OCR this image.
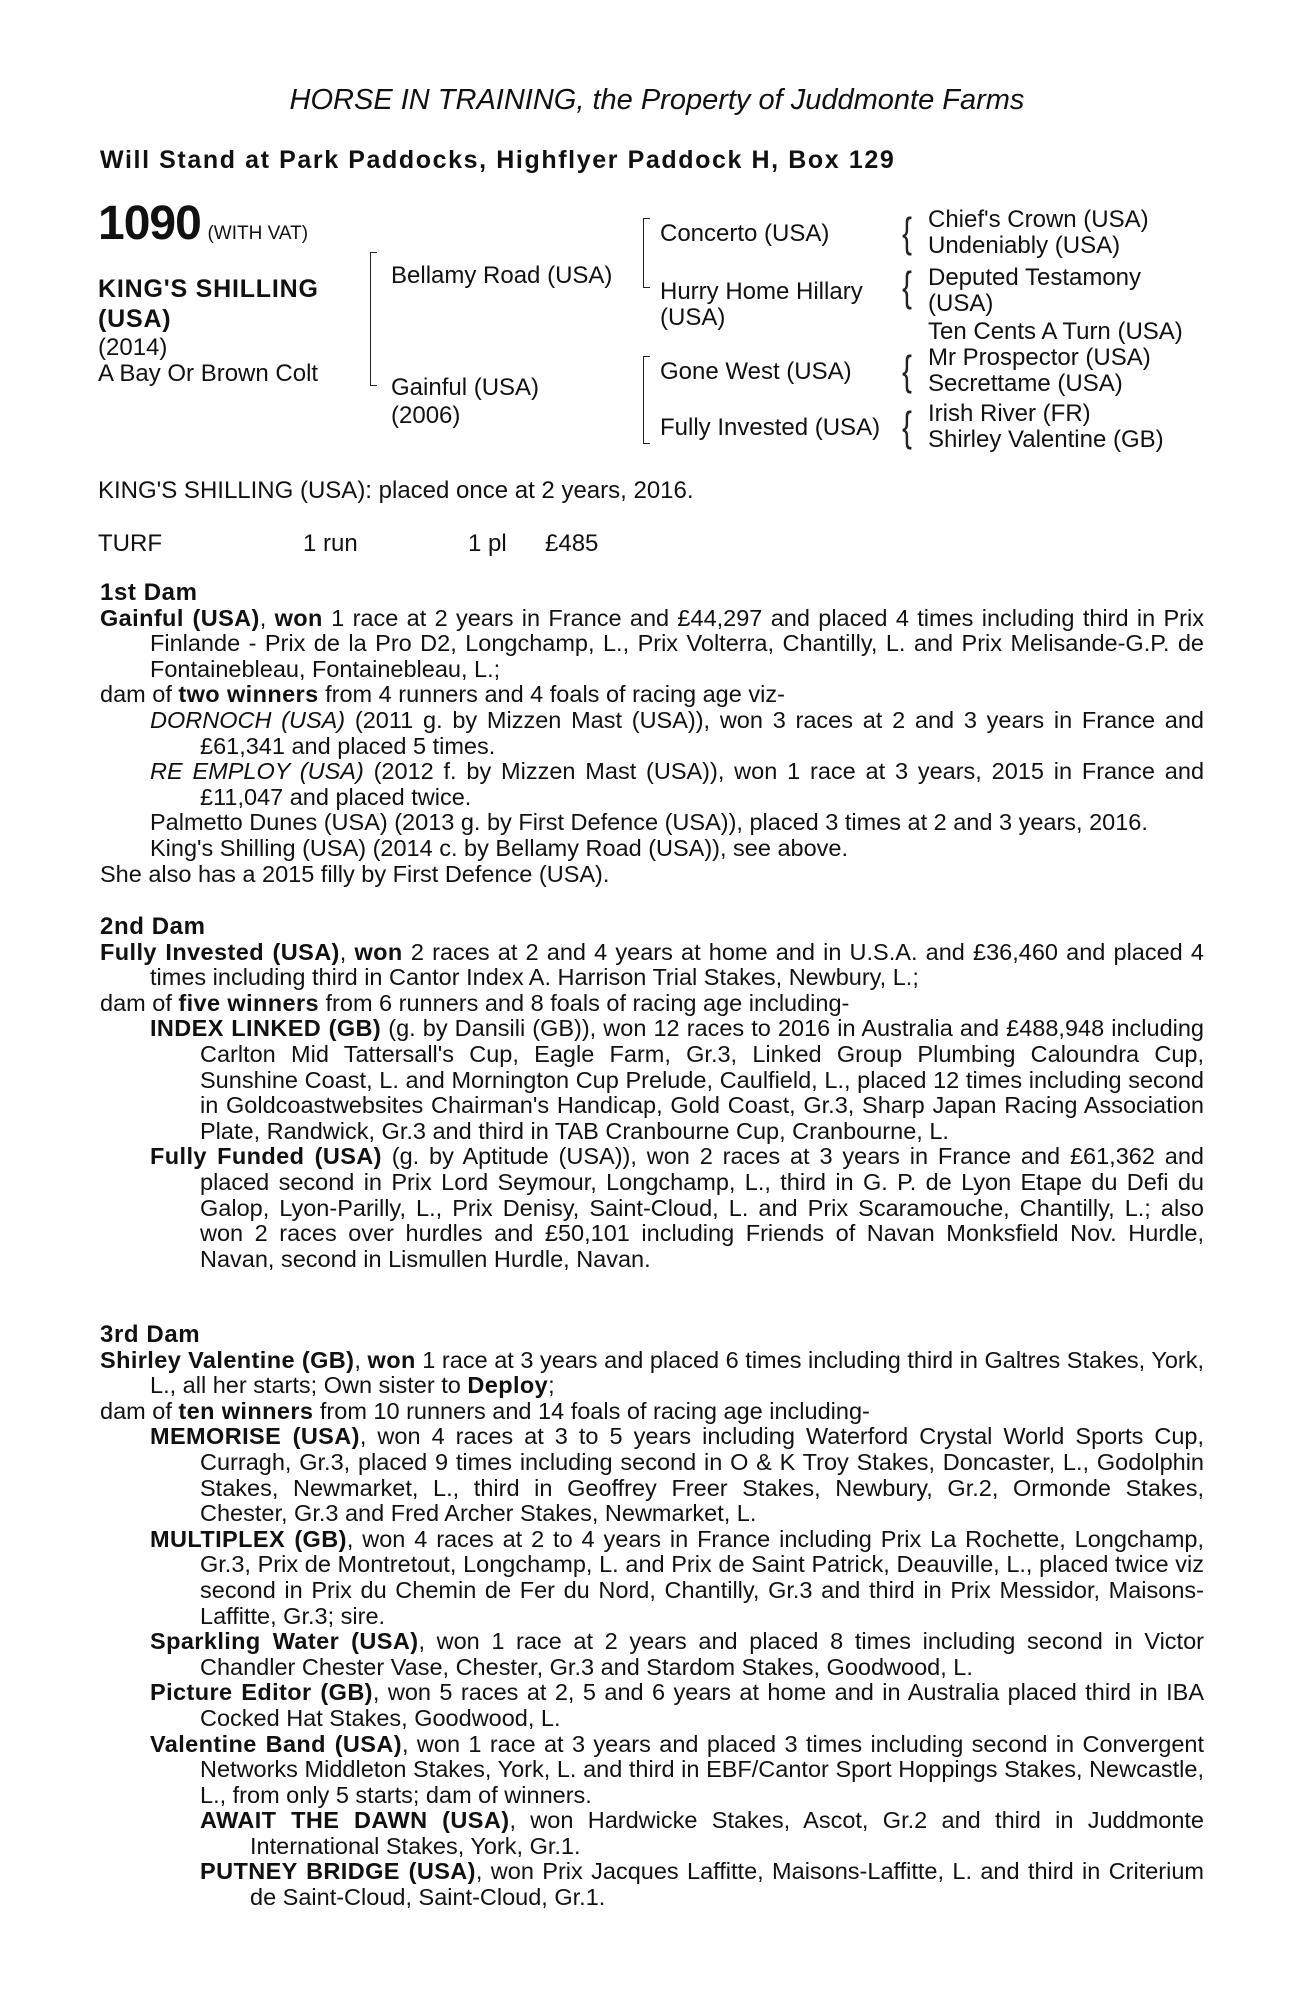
HORSE IN TRAINING, the Property of Juddmonte Farms
Will Stand at Park Paddocks, Highflyer Paddock H, Box 129
1090 (WITH VAT)
KING'S SHILLING
(USA)
(2014)
A Bay Or Brown Colt
Bellamy Road (USA)
Gainful (USA)
(2006)
Concerto (USA)
Hurry Home Hillary
(USA)
Gone West (USA)
Fully Invested (USA)
{ Chief's Crown (USA)
Undeniably (USA)
{ Deputed Testamony
(USA)
Ten Cents A Turn (USA)
{ Mr Prospector (USA)
Secrettame (USA)
{ Irish River (FR)
Shirley Valentine (GB)
KING'S SHILLING (USA): placed once at 2 years, 2016.
TURF	1 run	1 pl £485
1st Dam

Gainful (USA), won 1 race at 2 years in France and £44,297 and placed 4 times including third in Prix Finlande - Prix de la Pro D2, Longchamp, L., Prix Volterra, Chantilly, L. and Prix Melisande-G.P. de Fontainebleau, Fontainebleau, L.;

dam of two winners from 4 runners and 4 foals of racing age viz-

DORNOCH (USA) (2011 g. by Mizzen Mast (USA)), won 3 races at 2 and 3 years in France and £61,341 and placed 5 times.

RE EMPLOY (USA) (2012 f. by Mizzen Mast (USA)), won 1 race at 3 years, 2015 in France and £11,047 and placed twice.

Palmetto Dunes (USA) (2013 g. by First Defence (USA)), placed 3 times at 2 and 3 years, 2016.

King's Shilling (USA) (2014 c. by Bellamy Road (USA)), see above.

She also has a 2015 filly by First Defence (USA).

2nd Dam

Fully Invested (USA), won 2 races at 2 and 4 years at home and in U.S.A. and £36,460 and placed 4 times including third in Cantor Index A. Harrison Trial Stakes, Newbury, L.;

dam of five winners from 6 runners and 8 foals of racing age including-

INDEX LINKED (GB) (g. by Dansili (GB)), won 12 races to 2016 in Australia and £488,948 including Carlton Mid Tattersall's Cup, Eagle Farm, Gr.3, Linked Group Plumbing Caloundra Cup, Sunshine Coast, L. and Mornington Cup Prelude, Caulfield, L., placed 12 times including second in Goldcoastwebsites Chairman's Handicap, Gold Coast, Gr.3, Sharp Japan Racing Association Plate, Randwick, Gr.3 and third in TAB Cranbourne Cup, Cranbourne, L.

Fully Funded (USA) (g. by Aptitude (USA)), won 2 races at 3 years in France and £61,362 and placed second in Prix Lord Seymour, Longchamp, L., third in G. P. de Lyon Etape du Defi du Galop, Lyon-Parilly, L., Prix Denisy, Saint-Cloud, L. and Prix Scaramouche, Chantilly, L.; also won 2 races over hurdles and £50,101 including Friends of Navan Monksfield Nov. Hurdle, Navan, second in Lismullen Hurdle, Navan.

3rd Dam

Shirley Valentine (GB), won 1 race at 3 years and placed 6 times including third in Galtres Stakes, York, L., all her starts; Own sister to Deploy;

dam of ten winners from 10 runners and 14 foals of racing age including-

MEMORISE (USA), won 4 races at 3 to 5 years including Waterford Crystal World Sports Cup, Curragh, Gr.3, placed 9 times including second in O & K Troy Stakes, Doncaster, L., Godolphin Stakes, Newmarket, L., third in Geoffrey Freer Stakes, Newbury, Gr.2, Ormonde Stakes, Chester, Gr.3 and Fred Archer Stakes, Newmarket, L.

MULTIPLEX (GB), won 4 races at 2 to 4 years in France including Prix La Rochette, Longchamp, Gr.3, Prix de Montretout, Longchamp, L. and Prix de Saint Patrick, Deauville, L., placed twice viz second in Prix du Chemin de Fer du Nord, Chantilly, Gr.3 and third in Prix Messidor, Maisons-Laffitte, Gr.3; sire.

Sparkling Water (USA), won 1 race at 2 years and placed 8 times including second in Victor Chandler Chester Vase, Chester, Gr.3 and Stardom Stakes, Goodwood, L.

Picture Editor (GB), won 5 races at 2, 5 and 6 years at home and in Australia placed third in IBA Cocked Hat Stakes, Goodwood, L.

Valentine Band (USA), won 1 race at 3 years and placed 3 times including second in Convergent Networks Middleton Stakes, York, L. and third in EBF/Cantor Sport Hoppings Stakes, Newcastle, L., from only 5 starts; dam of winners.

AWAIT THE DAWN (USA), won Hardwicke Stakes, Ascot, Gr.2 and third in Juddmonte International Stakes, York, Gr.1.

PUTNEY BRIDGE (USA), won Prix Jacques Laffitte, Maisons-Laffitte, L. and third in Criterium de Saint-Cloud, Saint-Cloud, Gr.1.
